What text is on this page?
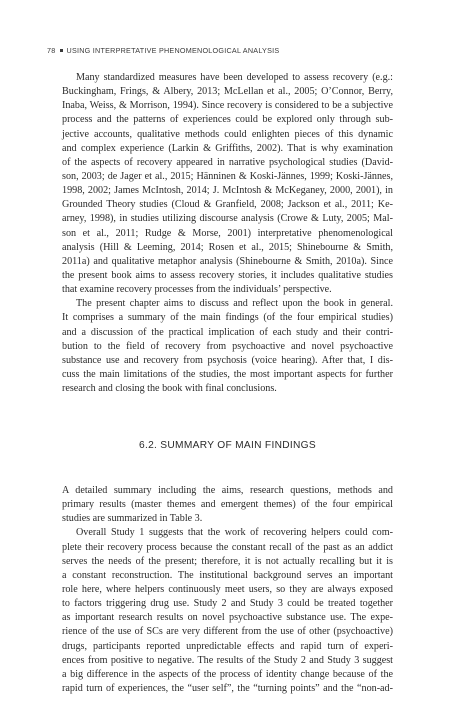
78 USING INTERPRETATIVE PHENOMENOLOGICAL ANALYSIS
Many standardized measures have been developed to assess recovery (e.g.:
Buckingham, Frings, & Albery, 2013; McLellan et al., 2005; O’Connor, Berry,
Inaba, Weiss, & Morrison, 1994). Since recovery is considered to be a subjective
process and the patterns of experiences could be explored only through sub-
jective accounts, qualitative methods could enlighten pieces of this dynamic
and complex experience (Larkin & Griffiths, 2002). That is why examination
of the aspects of recovery appeared in narrative psychological studies (David-
son, 2003; de Jager et al., 2015; Hänninen & Koski-Jännes, 1999; Koski-Jännes,
1998, 2002; James McIntosh, 2014; J. McIntosh & McKeganey, 2000, 2001), in
Grounded Theory studies (Cloud & Granfield, 2008; Jackson et al., 2011; Ke-
arney, 1998), in studies utilizing discourse analysis (Crowe & Luty, 2005; Mal-
son et al., 2011; Rudge & Morse, 2001) interpretative phenomenological
analysis (Hill & Leeming, 2014; Rosen et al., 2015; Shinebourne & Smith,
2011a) and qualitative metaphor analysis (Shinebourne & Smith, 2010a). Since
the present book aims to assess recovery stories, it includes qualitative studies
that examine recovery processes from the individuals’ perspective.
The present chapter aims to discuss and reflect upon the book in general.
It comprises a summary of the main findings (of the four empirical studies)
and a discussion of the practical implication of each study and their contri-
bution to the field of recovery from psychoactive and novel psychoactive
substance use and recovery from psychosis (voice hearing). After that, I dis-
cuss the main limitations of the studies, the most important aspects for further
research and closing the book with final conclusions.
6.2. SUMMARY OF MAIN FINDINGS
A detailed summary including the aims, research questions, methods and
primary results (master themes and emergent themes) of the four empirical
studies are summarized in Table 3.
Overall Study 1 suggests that the work of recovering helpers could com-
plete their recovery process because the constant recall of the past as an addict
serves the needs of the present; therefore, it is not actually recalling but it is
a constant reconstruction. The institutional background serves an important
role here, where helpers continuously meet users, so they are always exposed
to factors triggering drug use. Study 2 and Study 3 could be treated together
as important research results on novel psychoactive substance use. The expe-
rience of the use of SCs are very different from the use of other (psychoactive)
drugs, participants reported unpredictable effects and rapid turn of experi-
ences from positive to negative. The results of the Study 2 and Study 3 suggest
a big difference in the aspects of the process of identity change because of the
rapid turn of experiences, the “user self”, the “turning points” and the “non-ad-
